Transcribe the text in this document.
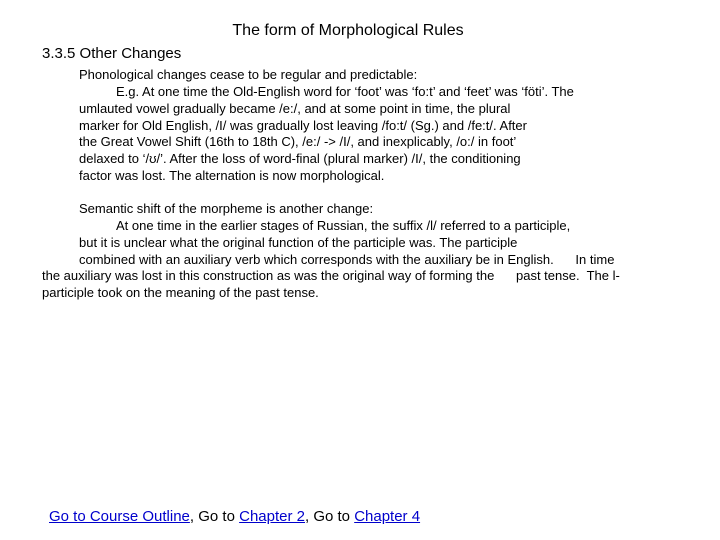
The form of Morphological Rules
3.3.5 Other Changes
Phonological changes cease to be regular and predictable:
E.g. At one time the Old-English word for ‘foot’ was ‘fo:t’ and ‘feet’ was ‘föti’. The
umlauted vowel gradually became /e:/, and at some point in time, the plural
marker for Old English, /I/ was gradually lost leaving /fo:t/ (Sg.) and /fe:t/. After
the Great Vowel Shift (16th to 18th C), /e:/ -> /I/, and inexplicably, /o:/ in foot’
delaxed to ‘/ʊ/’. After the loss of word-final (plural marker) /I/, the conditioning
factor was lost. The alternation is now morphological.
Semantic shift of the morpheme is another change:
At one time in the earlier stages of Russian, the suffix /l/ referred to a participle,
but it is unclear what the original function of the participle was. The participle
combined with an auxiliary verb which corresponds with the auxiliary be in English.      In time
the auxiliary was lost in this construction as was the original way of forming the      past tense.  The l-
participle took on the meaning of the past tense.
Go to Course Outline, Go to Chapter 2, Go to Chapter 4
